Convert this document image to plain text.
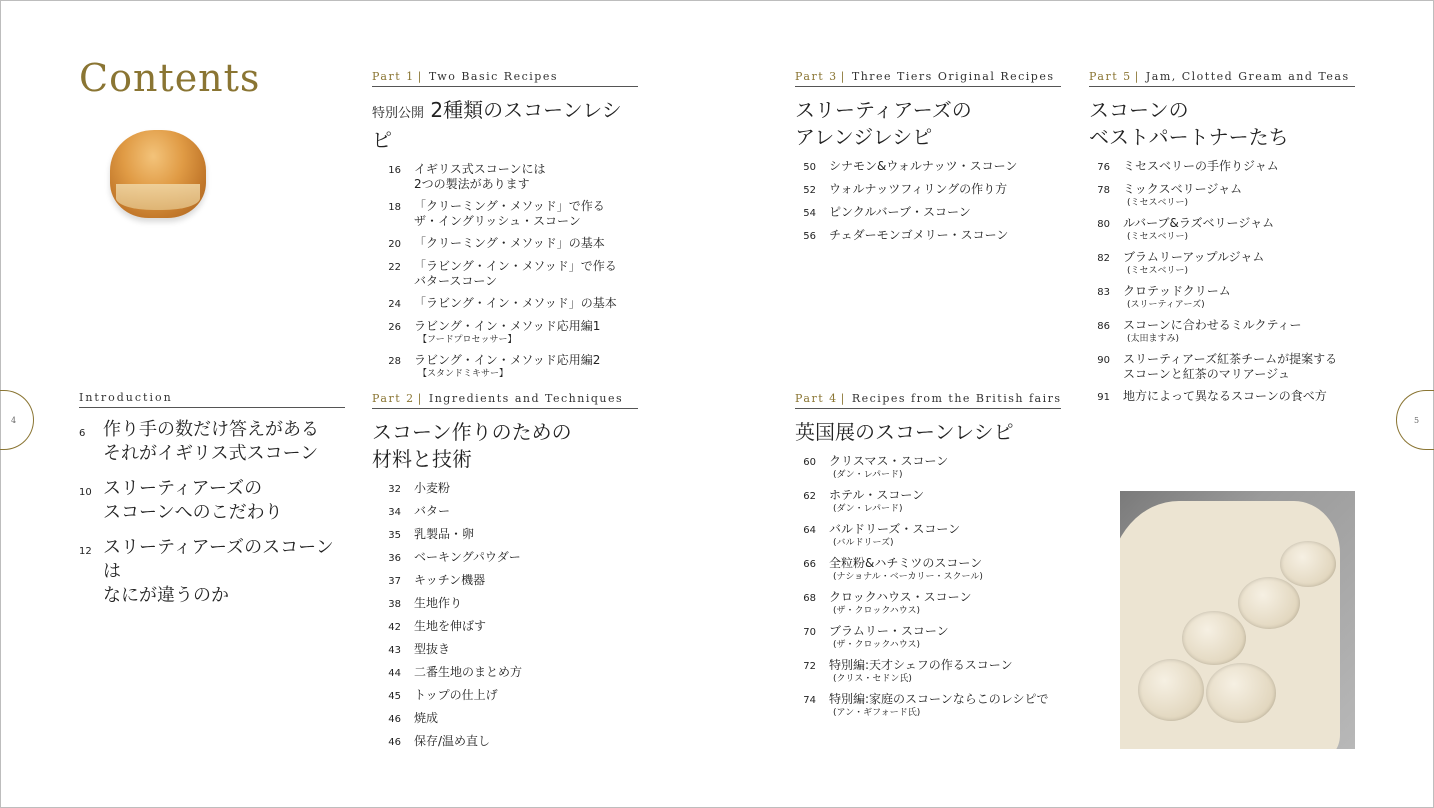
Contents
4	5
Introduction
6 作り手の数だけ答えがある
それがイギリス式スコーン
10 スリーティアーズの
スコーンへのこだわり
12 スリーティアーズのスコーンは
なにが違うのか
Part 1 | Two Basic Recipes
特別公開 2種類のスコーンレシピ
16 イギリス式スコーンには
2つの製法があります
18 「クリーミング・メソッド」で作る
ザ・イングリッシュ・スコーン
20 「クリーミング・メソッド」の基本
22 「ラビング・イン・メソッド」で作る
バタースコーン
24 「ラビング・イン・メソッド」の基本
26 ラビング・イン・メソッド応用編1
【フードプロセッサー】
28 ラビング・イン・メソッド応用編2
【スタンドミキサー】
Part 2 | Ingredients and Techniques
スコーン作りのための
材料と技術
32 小麦粉
34 バター
35 乳製品・卵
36 ベーキングパウダー
37 キッチン機器
38 生地作り
42 生地を伸ばす
43 型抜き
44 二番生地のまとめ方
45 トップの仕上げ
46 焼成
46 保存/温め直し
Part 3 | Three Tiers Original Recipes
スリーティアーズの
アレンジレシピ
50 シナモン&ウォルナッツ・スコーン
52 ウォルナッツフィリングの作り方
54 ピンクルバーブ・スコーン
56 チェダーモンゴメリー・スコーン
Part 4 | Recipes from the British fairs
英国展のスコーンレシピ
60 クリスマス・スコーン
(ダン・レパード)
62 ホテル・スコーン
(ダン・レパード)
64 バルドリーズ・スコーン
(バルドリーズ)
66 全粒粉&ハチミツのスコーン
(ナショナル・ベーカリー・スクール)
68 クロックハウス・スコーン
(ザ・クロックハウス)
70 ブラムリー・スコーン
(ザ・クロックハウス)
72 特別編:天才シェフの作るスコーン
(クリス・セドン氏)
74 特別編:家庭のスコーンならこのレシピで
(アン・ギフォード氏)
Part 5 | Jam, Clotted Gream and Teas
スコーンの
ベストパートナーたち
76 ミセスベリーの手作りジャム
78 ミックスベリージャム
(ミセスベリー)
80 ルバーブ&ラズベリージャム
(ミセスベリー)
82 ブラムリーアップルジャム
(ミセスベリー)
83 クロテッドクリーム
(スリーティアーズ)
86 スコーンに合わせるミルクティー
(太田ますみ)
90 スリーティアーズ紅茶チームが提案する
スコーンと紅茶のマリアージュ
91 地方によって異なるスコーンの食べ方
